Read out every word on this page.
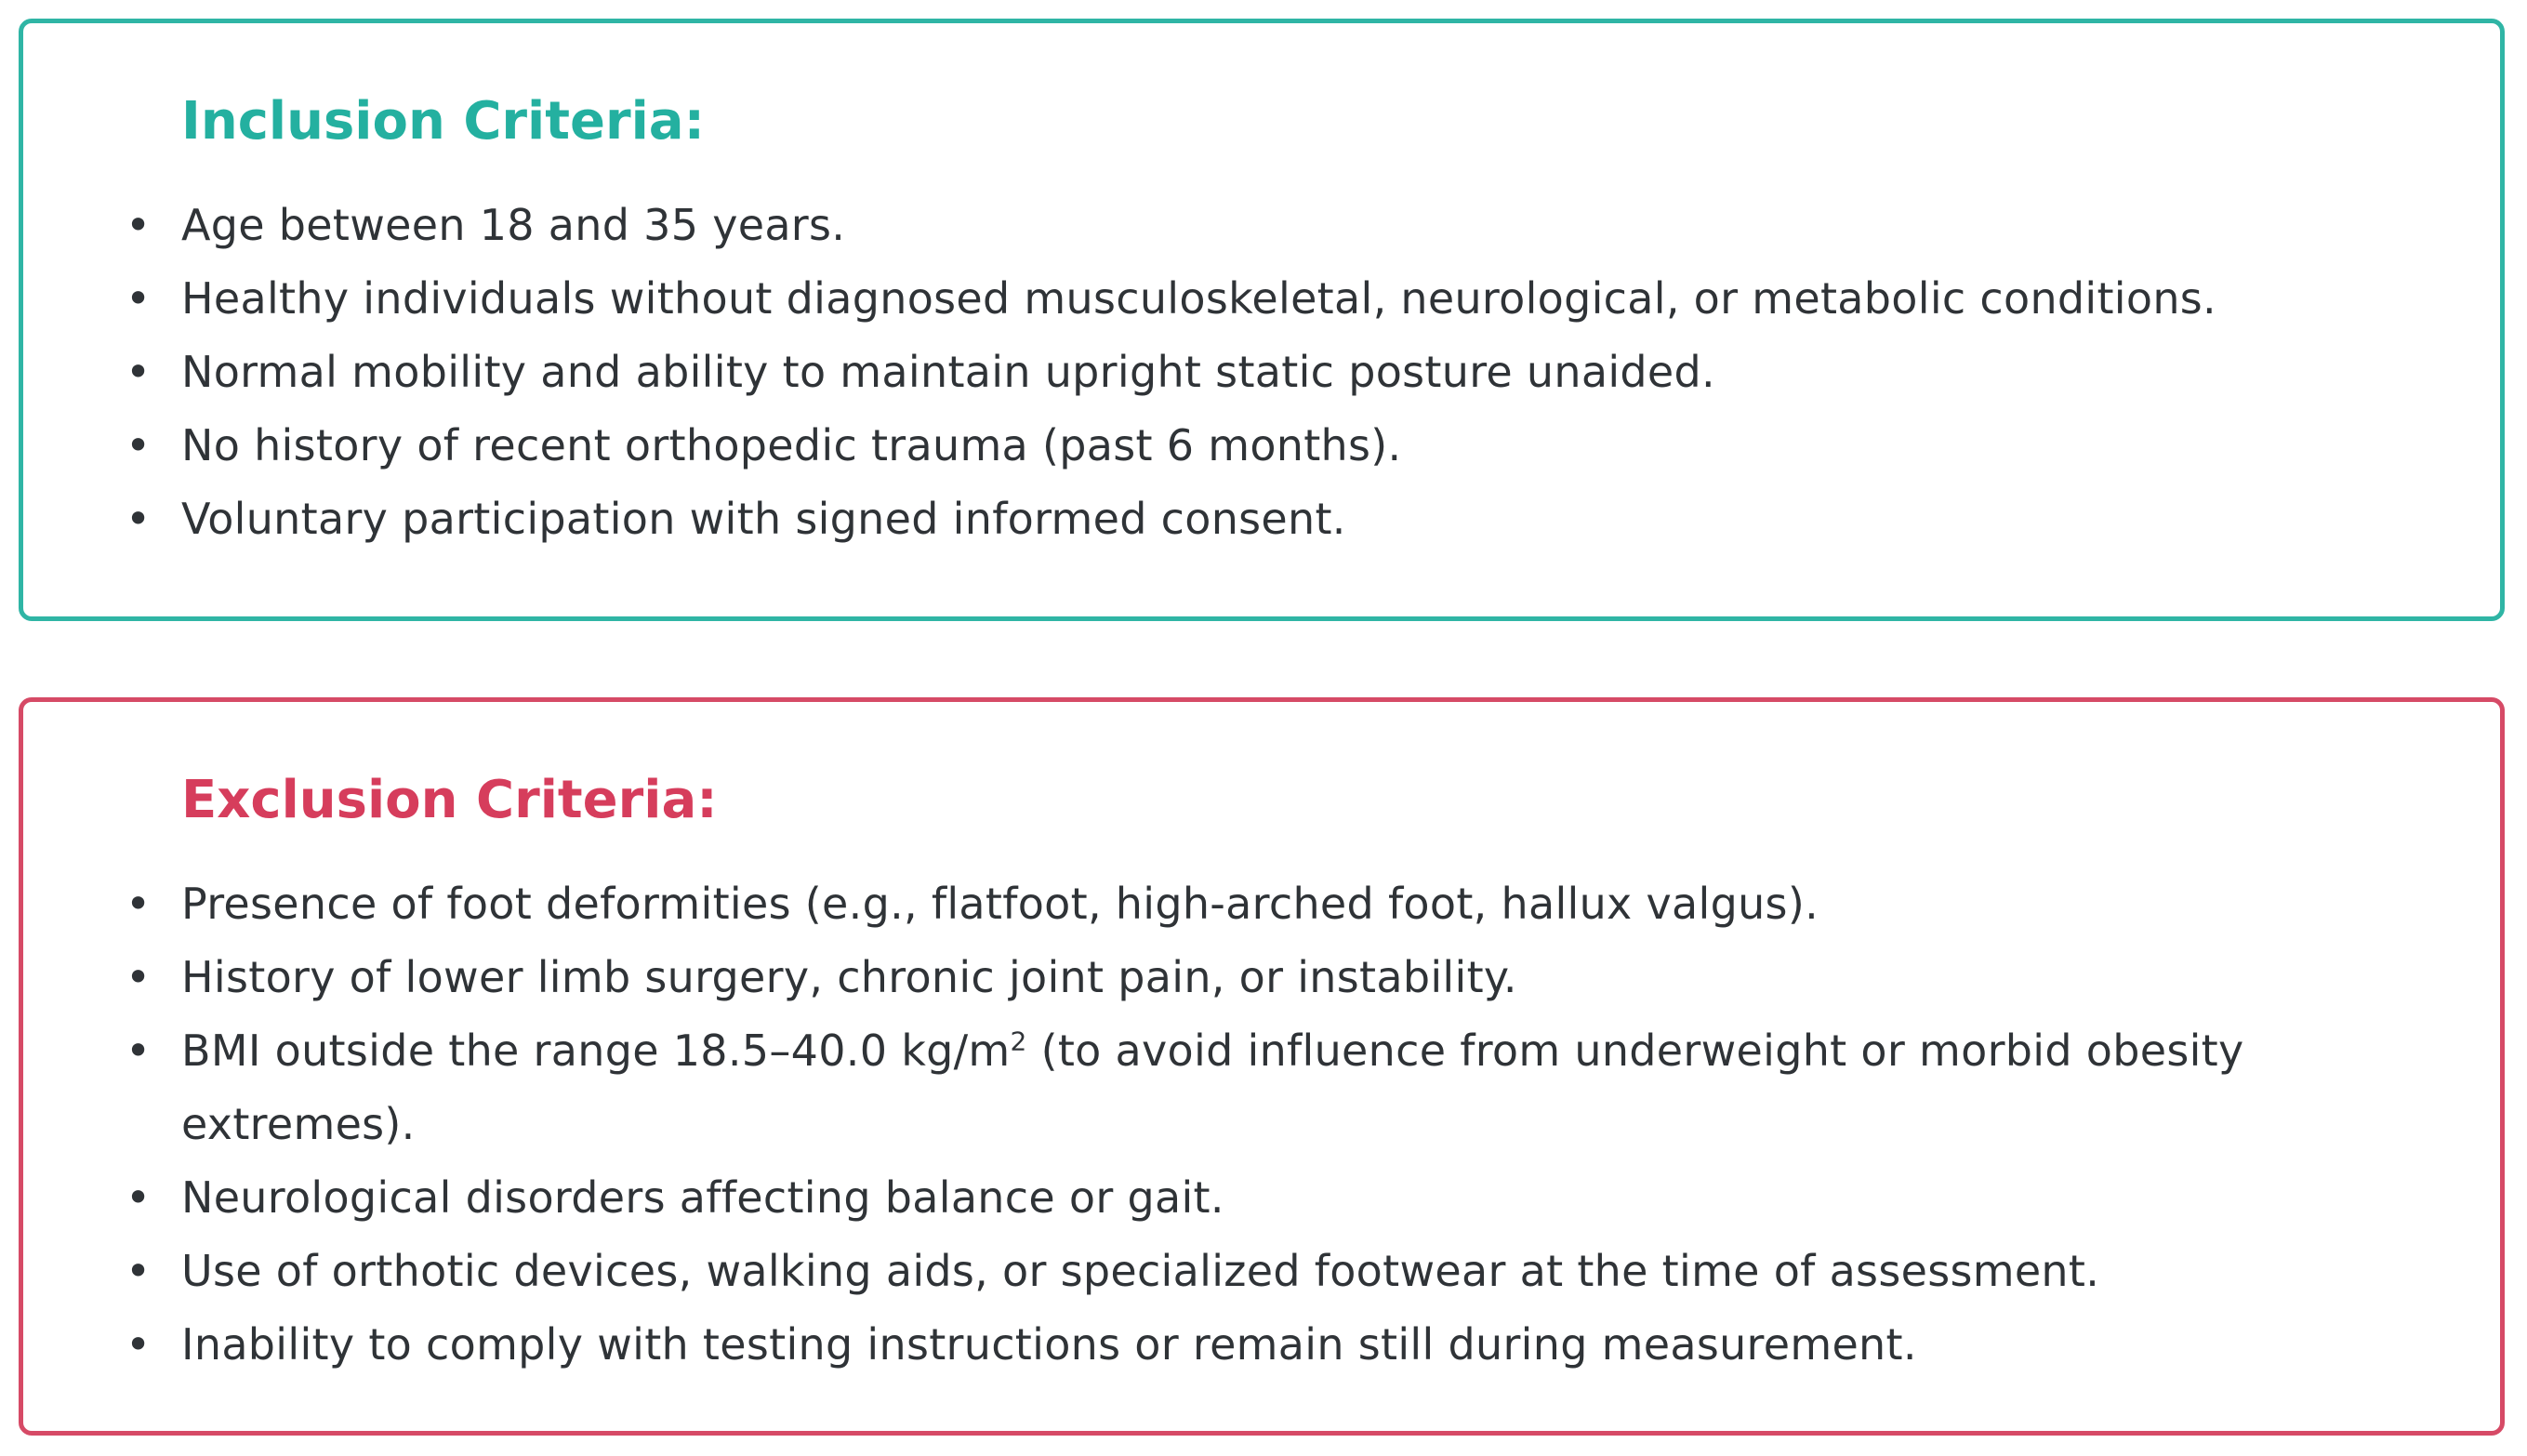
Inclusion Criteria:
• Age between 18 and 35 years.
• Healthy individuals without diagnosed musculoskeletal, neurological, or metabolic conditions.
• Normal mobility and ability to maintain upright static posture unaided.
• No history of recent orthopedic trauma (past 6 months).
• Voluntary participation with signed informed consent.
Exclusion Criteria:
• Presence of foot deformities (e.g., flatfoot, high-arched foot, hallux valgus).
• History of lower limb surgery, chronic joint pain, or instability.
• BMI outside the range 18.5–40.0 $kg/m^2$ (to avoid influence from underweight or morbid obesity extremes).
• Neurological disorders affecting balance or gait.
• Use of orthotic devices, walking aids, or specialized footwear at the time of assessment.
• Inability to comply with testing instructions or remain still during measurement.
